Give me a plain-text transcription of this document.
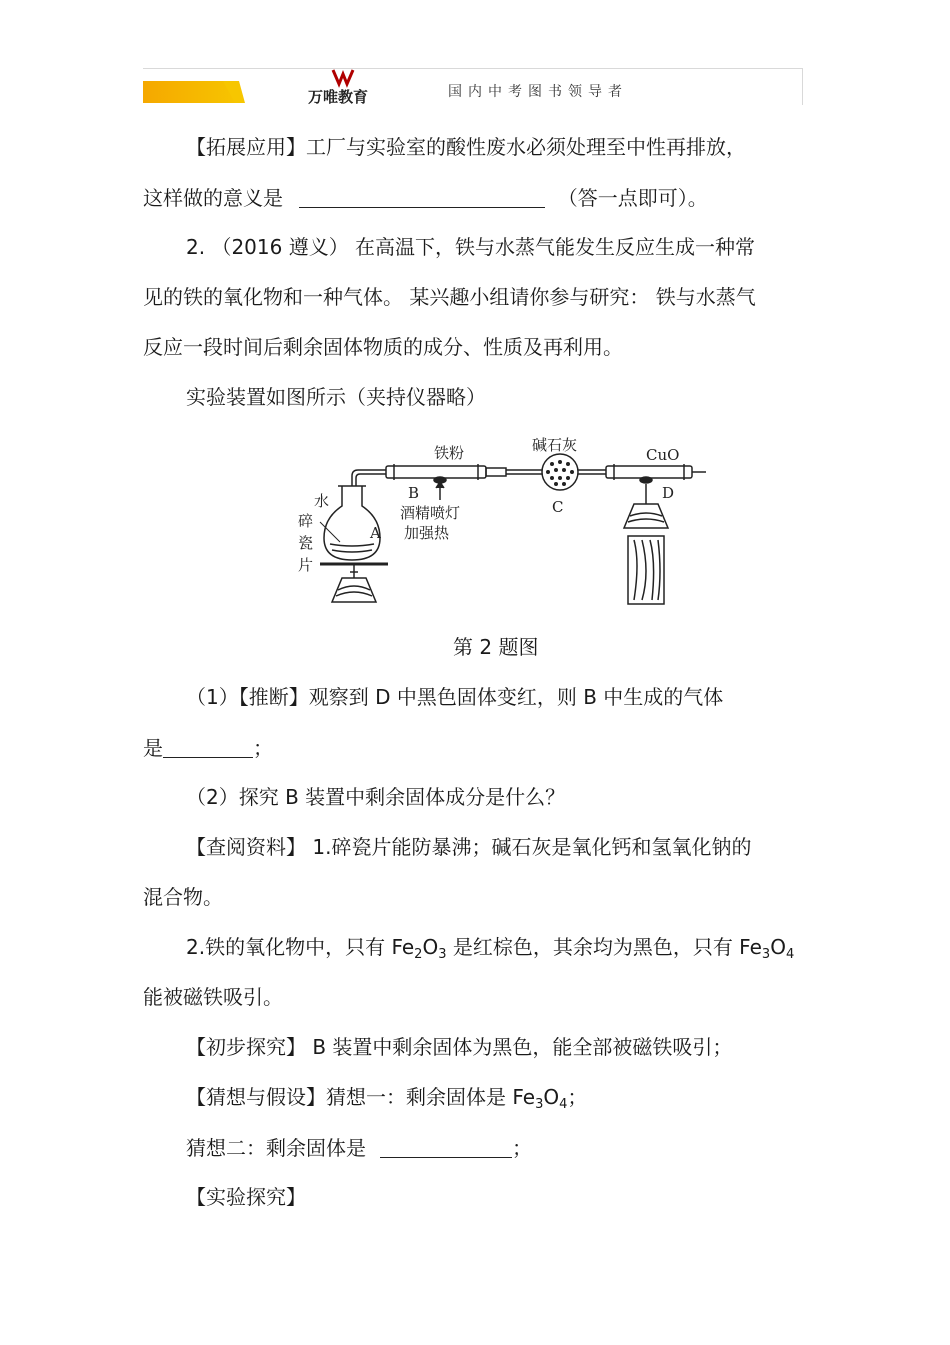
万唯教育	国内中考图书领导者
【拓展应用】工厂与实验室的酸性废水必须处理至中性再排放，
这样做的意义是	（答一点即可）。
2. （2016 遵义） 在高温下，铁与水蒸气能发生反应生成一种常
见的铁的氧化物和一种气体。 某兴趣小组请你参与研究： 铁与水蒸气
反应一段时间后剩余固体物质的成分、性质及再利用。
实验装置如图所示（夹持仪器略）
铁粉	碱石灰
CuO
B
酒精喷灯
加强热
C
D
A
水
碎
瓷
片
第 2 题图
（1）【推断】观察到 D 中黑色固体变红，则 B 中生成的气体
是	；
（2）探究 B 装置中剩余固体成分是什么？
【查阅资料】 1.碎瓷片能防暴沸；碱石灰是氧化钙和氢氧化钠的
混合物。
2.铁的氧化物中，只有 $Fe_2O_3$ 是红棕色，其余均为黑色，只有 $Fe_3O_4$
能被磁铁吸引。
【初步探究】 B 装置中剩余固体为黑色，能全部被磁铁吸引；
【猜想与假设】猜想一：剩余固体是 $Fe_3O_4$；
猜想二：剩余固体是	；
【实验探究】
